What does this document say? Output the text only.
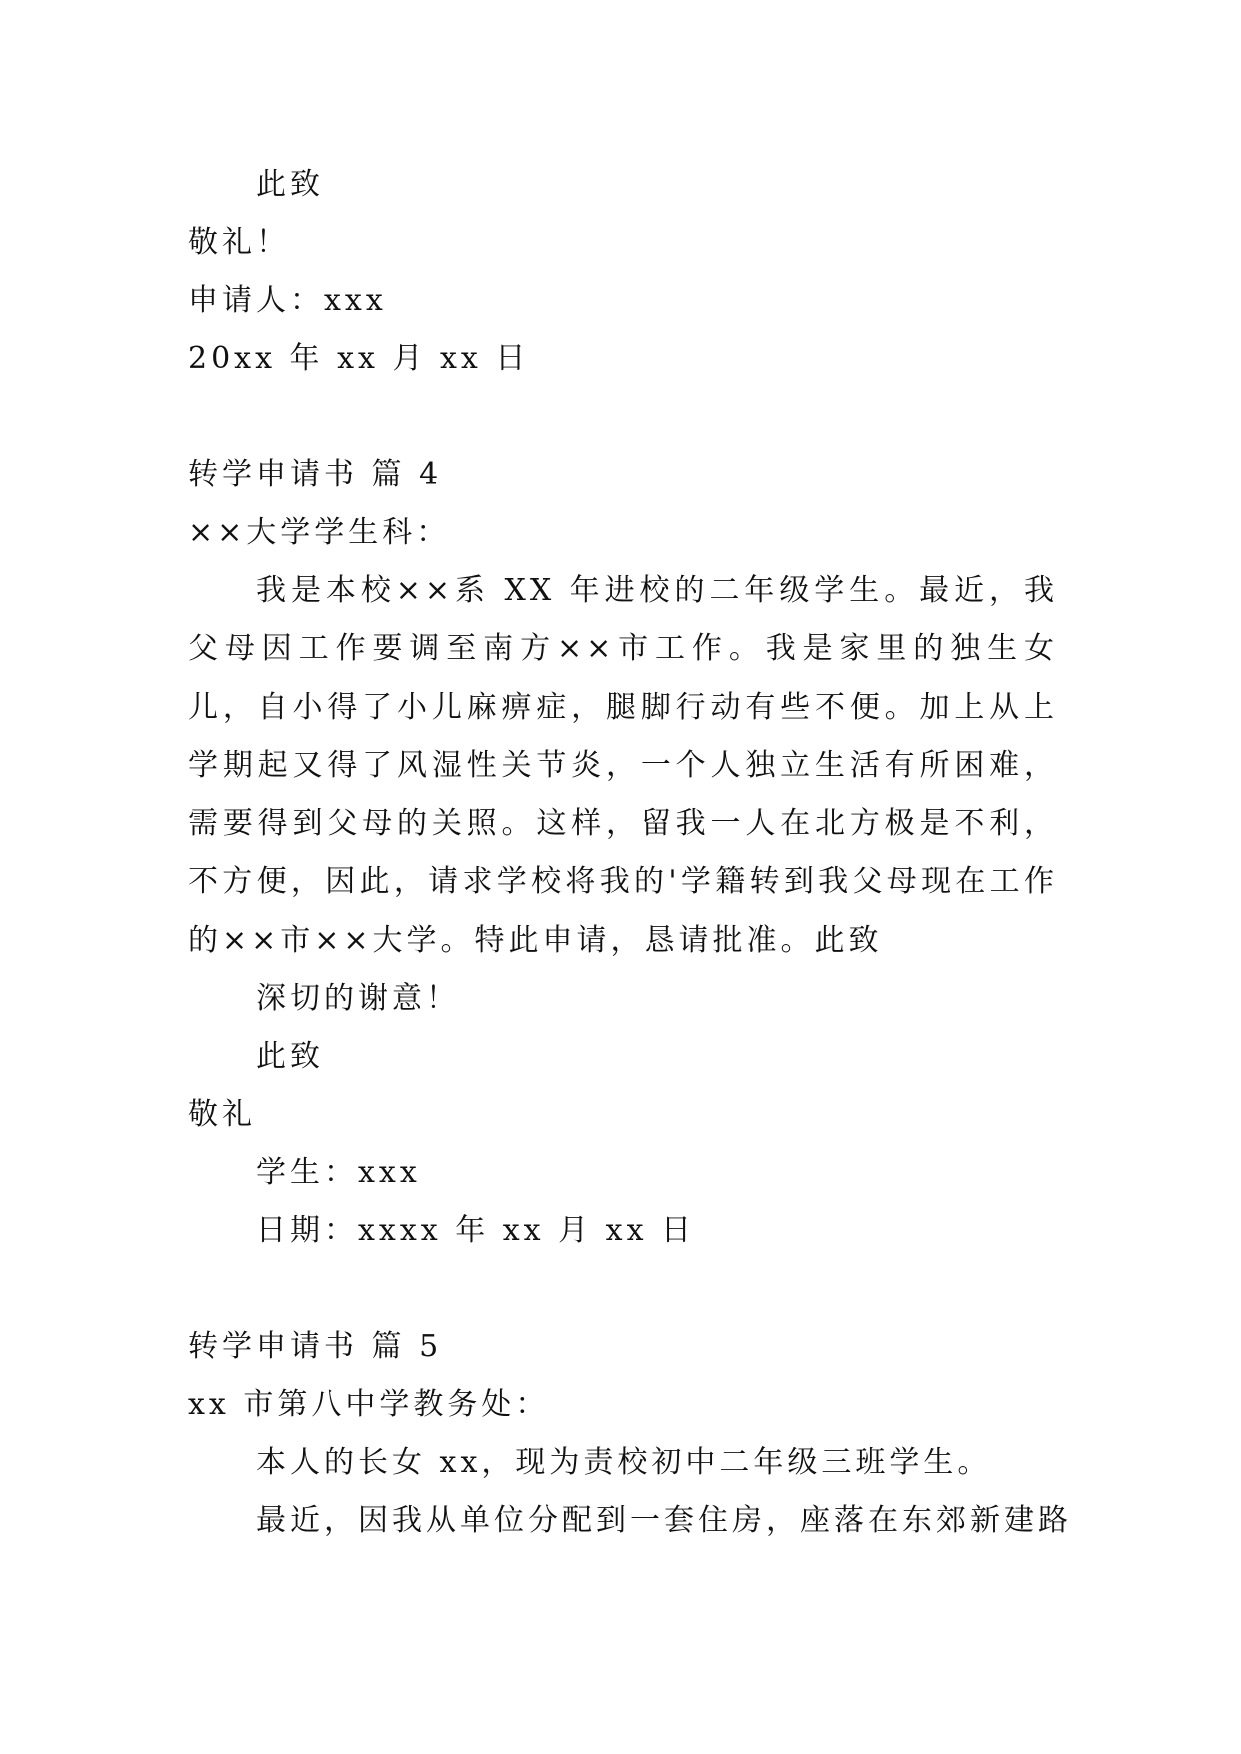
此致
敬礼！
申请人：xxx
20xx 年 xx 月 xx 日
转学申请书 篇 4
××大学学生科：
我是本校××系 XX 年进校的二年级学生。最近，我父母因工作要调至南方××市工作。我是家里的独生女儿，自小得了小儿麻痹症，腿脚行动有些不便。加上从上学期起又得了风湿性关节炎，一个人独立生活有所困难，需要得到父母的关照。这样，留我一人在北方极是不利，不方便，因此，请求学校将我的'学籍转到我父母现在工作的××市××大学。特此申请，恳请批准。此致
深切的谢意！
此致
敬礼
学生：xxx
日期：xxxx 年 xx 月 xx 日
转学申请书 篇 5
xx 市第八中学教务处：
本人的长女 xx，现为责校初中二年级三班学生。
最近，因我从单位分配到一套住房，座落在东郊新建路
